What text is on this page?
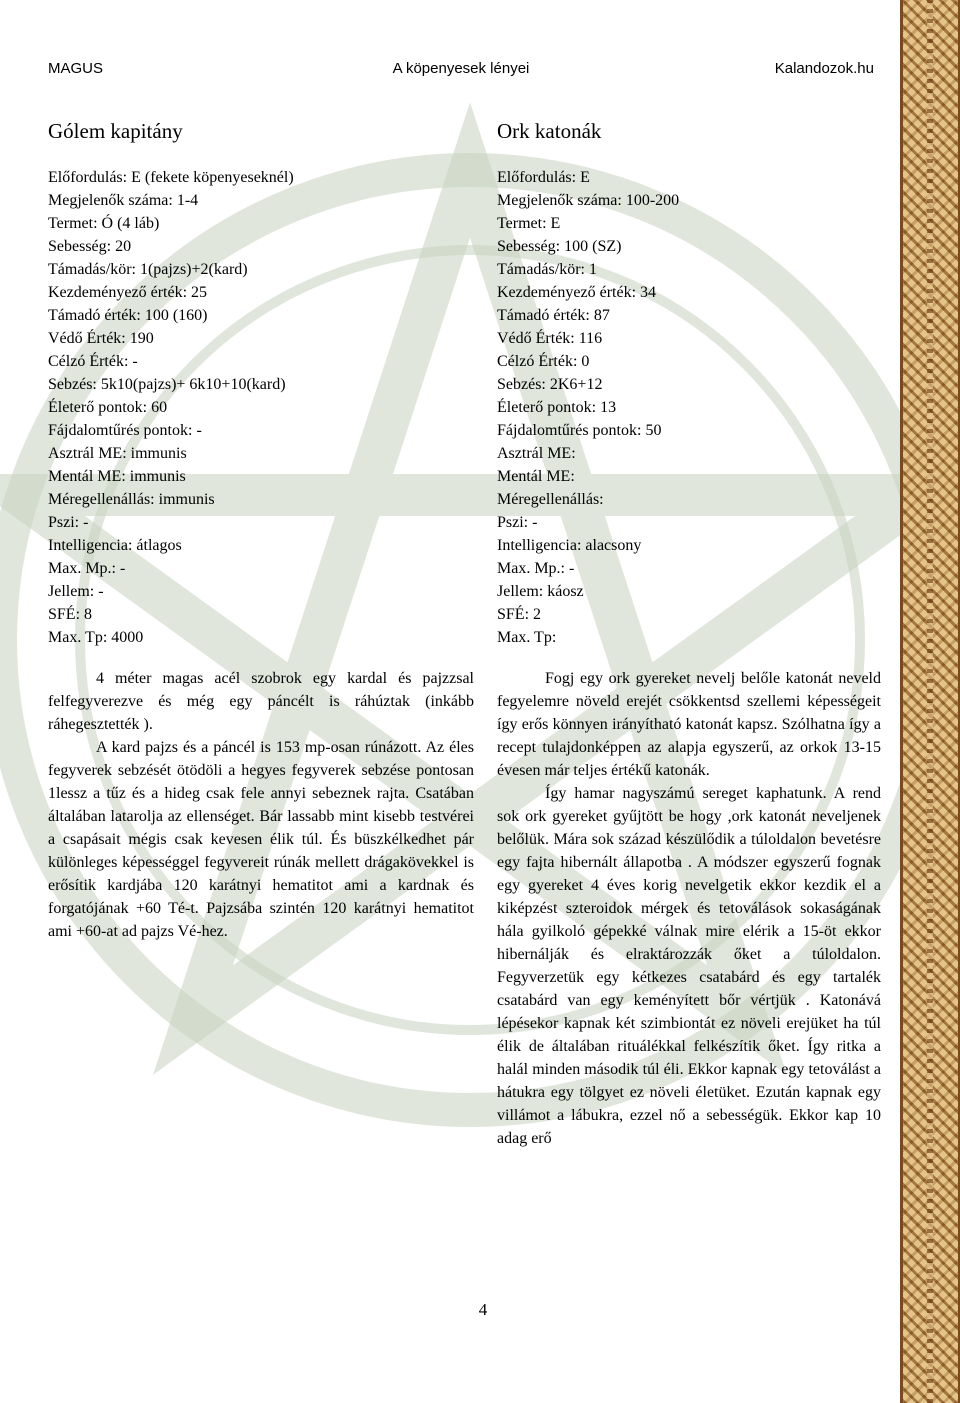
MAGUS	A köpenyesek lényei	Kalandozok.hu
Gólem kapitány
Előfordulás: E (fekete köpenyeseknél)
Megjelenők száma: 1-4
Termet: Ó (4 láb)
Sebesség: 20
Támadás/kör: 1(pajzs)+2(kard)
Kezdeményező érték: 25
Támadó érték: 100 (160)
Védő Érték: 190
Célzó Érték: -
Sebzés: 5k10(pajzs)+ 6k10+10(kard)
Életerő pontok: 60
Fájdalomtűrés pontok: -
Asztrál ME: immunis
Mentál ME: immunis
Méregellenállás: immunis
Pszi: -
Intelligencia: átlagos
Max. Mp.: -
Jellem: -
SFÉ: 8
Max. Tp: 4000

4 méter magas acél szobrok egy kardal és pajzzsal felfegyverezve és még egy páncélt is ráhúztak (inkább ráhegesztették ).

A kard pajzs és a páncél is 153 mp-osan rúnázott. Az éles fegyverek sebzését ötödöli a hegyes fegyverek sebzése pontosan 1lessz a tűz és a hideg csak fele annyi sebeznek rajta. Csatában általában latarolja az ellenséget. Bár lassabb mint kisebb testvérei a csapásait mégis csak kevesen élik túl. És büszkélkedhet pár különleges képességgel fegyvereit rúnák mellett drágakövekkel is erősítik kardjába 120 karátnyi hematitot ami a kardnak és forgatójának +60 Té-t. Pajzsába szintén 120 karátnyi hematitot ami +60-at ad pajzs Vé-hez.

Ork katonák
Előfordulás: E
Megjelenők száma: 100-200
Termet: E
Sebesség: 100 (SZ)
Támadás/kör: 1
Kezdeményező érték: 34
Támadó érték: 87
Védő Érték: 116
Célzó Érték: 0
Sebzés: 2K6+12
Életerő pontok: 13
Fájdalomtűrés pontok: 50
Asztrál ME:
Mentál ME:
Méregellenállás:
Pszi: -
Intelligencia: alacsony
Max. Mp.: -
Jellem: káosz
SFÉ: 2
Max. Tp:

Fogj egy ork gyereket nevelj belőle katonát neveld fegyelemre növeld erejét csökkentsd szellemi képességeit így erős könnyen irányítható katonát kapsz. Szólhatna így a recept tulajdonképpen az alapja egyszerű, az orkok 13-15 évesen már teljes értékű katonák.

Így hamar nagyszámú sereget kaphatunk. A rend sok ork gyereket gyűjtött be hogy ,ork katonát neveljenek belőlük. Mára sok század készülődik a túloldalon bevetésre egy fajta hibernált állapotba . A módszer egyszerű fognak egy gyereket 4 éves korig nevelgetik ekkor kezdik el a kiképzést szteroidok mérgek és tetoválások sokaságának hála gyilkoló gépekké válnak mire elérik a 15-öt ekkor hibernálják és elraktározzák őket a túloldalon. Fegyverzetük egy kétkezes csatabárd és egy tartalék csatabárd van egy keményített bőr vértjük . Katonává lépésekor kapnak két szimbiontát ez növeli erejüket ha túl élik de általában rituálékkal felkészítik őket. Így ritka a halál minden második túl éli. Ekkor kapnak egy tetoválást a hátukra egy tölgyet ez növeli életüket. Ezután kapnak egy villámot a lábukra, ezzel nő a sebességük. Ekkor kap 10 adag erő

4
